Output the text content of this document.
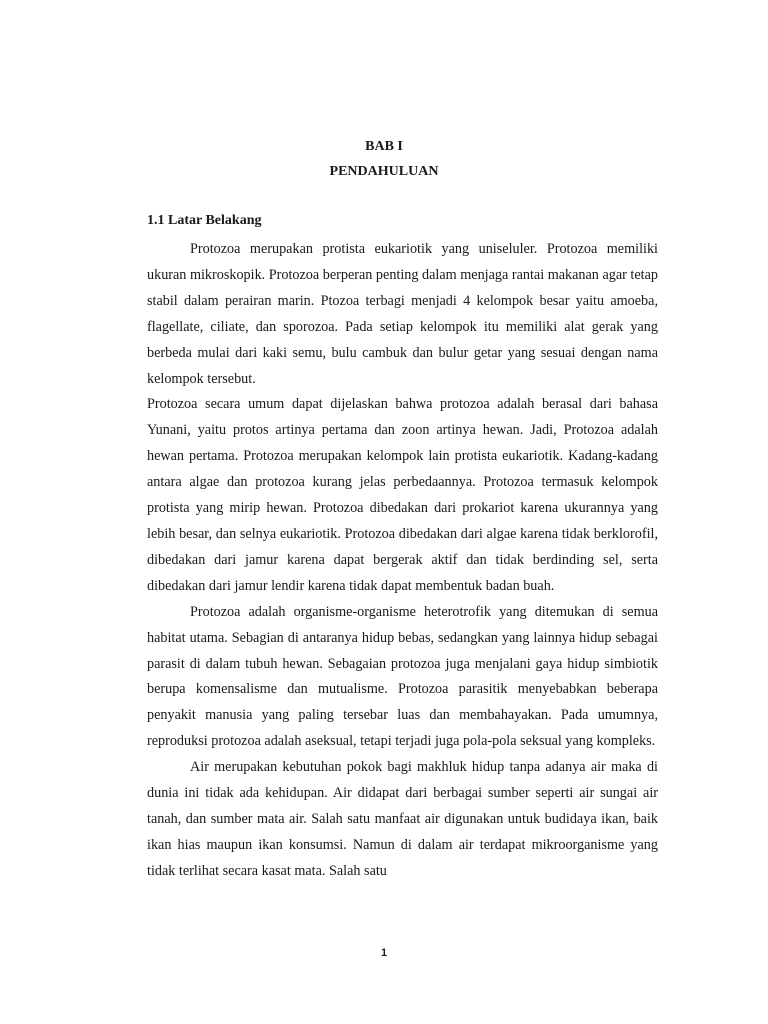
BAB I
PENDAHULUAN
1.1 Latar Belakang

Protozoa merupakan protista eukariotik yang uniseluler. Protozoa memiliki ukuran mikroskopik. Protozoa berperan penting dalam menjaga rantai makanan agar tetap stabil dalam perairan marin. Ptozoa terbagi menjadi 4 kelompok besar yaitu amoeba, flagellate, ciliate, dan sporozoa. Pada setiap kelompok itu memiliki alat gerak yang berbeda mulai dari kaki semu, bulu cambuk dan bulur getar yang sesuai dengan nama kelompok tersebut.

Protozoa secara umum dapat dijelaskan bahwa protozoa adalah berasal dari bahasa Yunani, yaitu protos artinya pertama dan zoon artinya hewan. Jadi, Protozoa adalah hewan pertama. Protozoa merupakan kelompok lain protista eukariotik. Kadang-kadang antara algae dan protozoa kurang jelas perbedaannya. Protozoa termasuk kelompok protista yang mirip hewan. Protozoa dibedakan dari prokariot karena ukurannya yang lebih besar, dan selnya eukariotik. Protozoa dibedakan dari algae karena tidak berklorofil, dibedakan dari jamur karena dapat bergerak aktif dan tidak berdinding sel, serta dibedakan dari jamur lendir karena tidak dapat membentuk badan buah.

Protozoa adalah organisme-organisme heterotrofik yang ditemukan di semua habitat utama. Sebagian di antaranya hidup bebas, sedangkan yang lainnya hidup sebagai parasit di dalam tubuh hewan. Sebagaian protozoa juga menjalani gaya hidup simbiotik berupa komensalisme dan mutualisme. Protozoa parasitik menyebabkan beberapa penyakit manusia yang paling tersebar luas dan membahayakan. Pada umumnya, reproduksi protozoa adalah aseksual, tetapi terjadi juga pola-pola seksual yang kompleks.

Air merupakan kebutuhan pokok bagi makhluk hidup tanpa adanya air maka di dunia ini tidak ada kehidupan. Air didapat dari berbagai sumber seperti air sungai air tanah, dan sumber mata air. Salah satu manfaat air digunakan untuk budidaya ikan, baik ikan hias maupun ikan konsumsi. Namun di dalam air terdapat mikroorganisme yang tidak terlihat secara kasat mata. Salah satu

1
